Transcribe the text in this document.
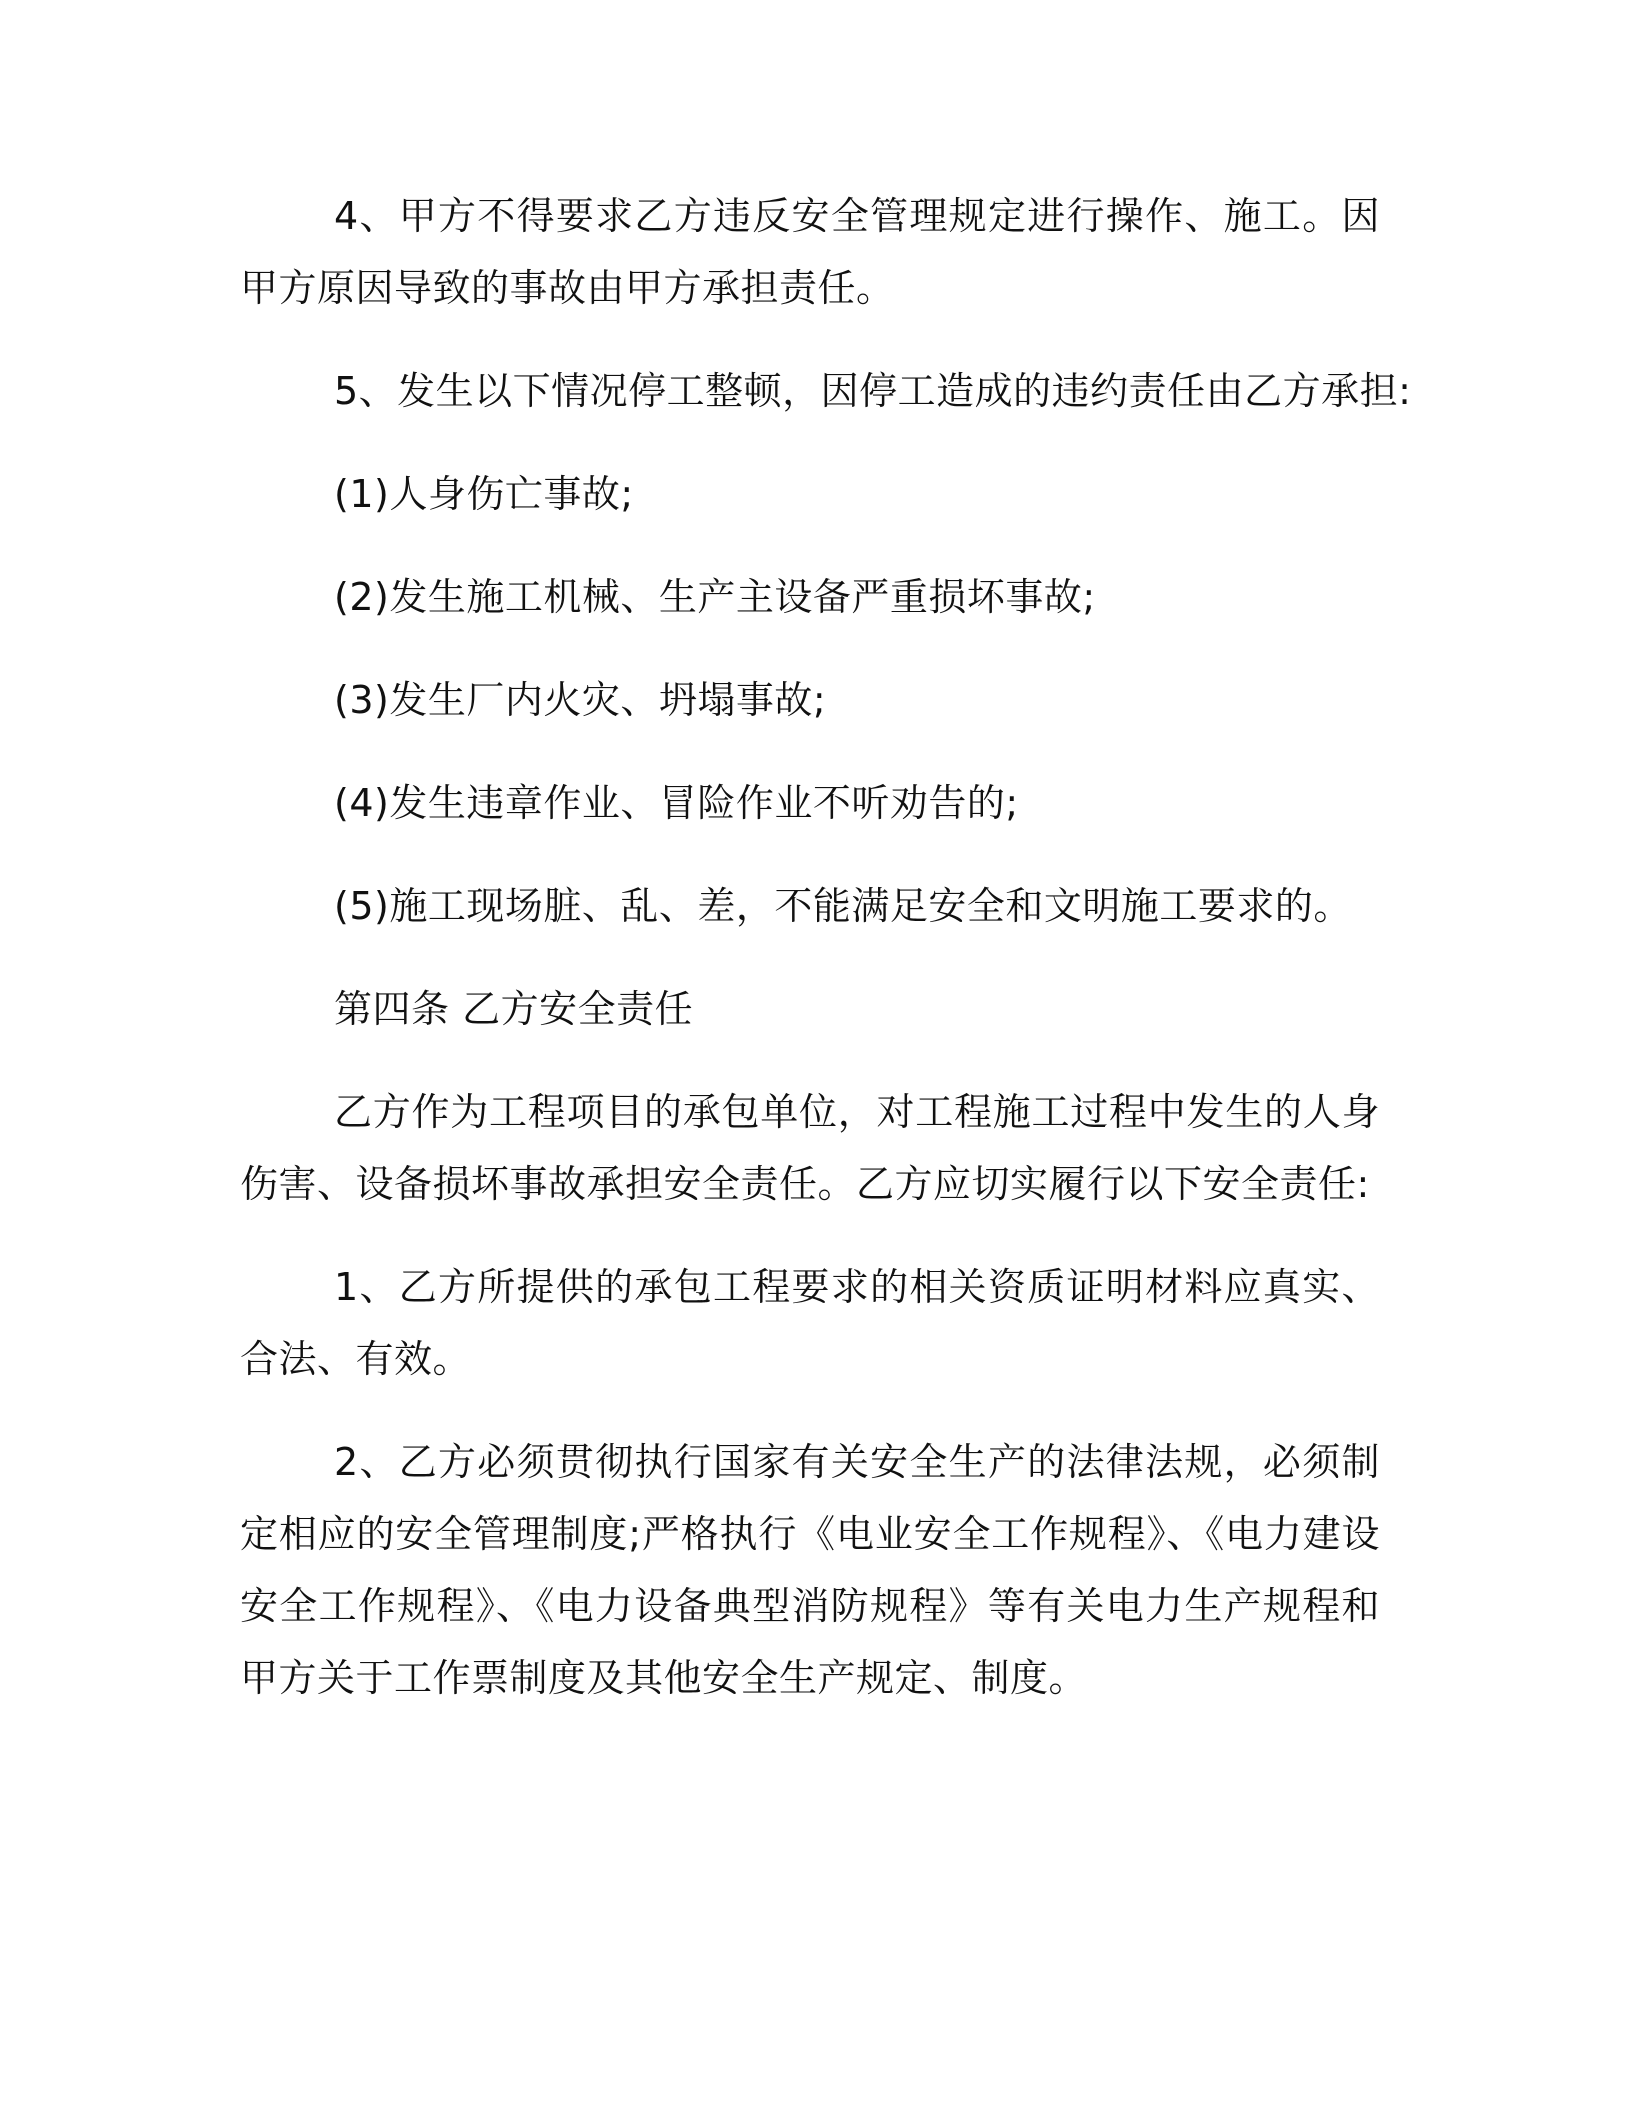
4、甲方不得要求乙方违反安全管理规定进行操作、施工。因甲方原因导致的事故由甲方承担责任。

5、发生以下情况停工整顿，因停工造成的违约责任由乙方承担:

(1)人身伤亡事故;

(2)发生施工机械、生产主设备严重损坏事故;

(3)发生厂内火灾、坍塌事故;

(4)发生违章作业、冒险作业不听劝告的;

(5)施工现场脏、乱、差，不能满足安全和文明施工要求的。

第四条 乙方安全责任

乙方作为工程项目的承包单位，对工程施工过程中发生的人身伤害、设备损坏事故承担安全责任。乙方应切实履行以下安全责任:

1、乙方所提供的承包工程要求的相关资质证明材料应真实、合法、有效。

2、乙方必须贯彻执行国家有关安全生产的法律法规，必须制定相应的安全管理制度;严格执行《电业安全工作规程》、《电力建设安全工作规程》、《电力设备典型消防规程》等有关电力生产规程和甲方关于工作票制度及其他安全生产规定、制度。
